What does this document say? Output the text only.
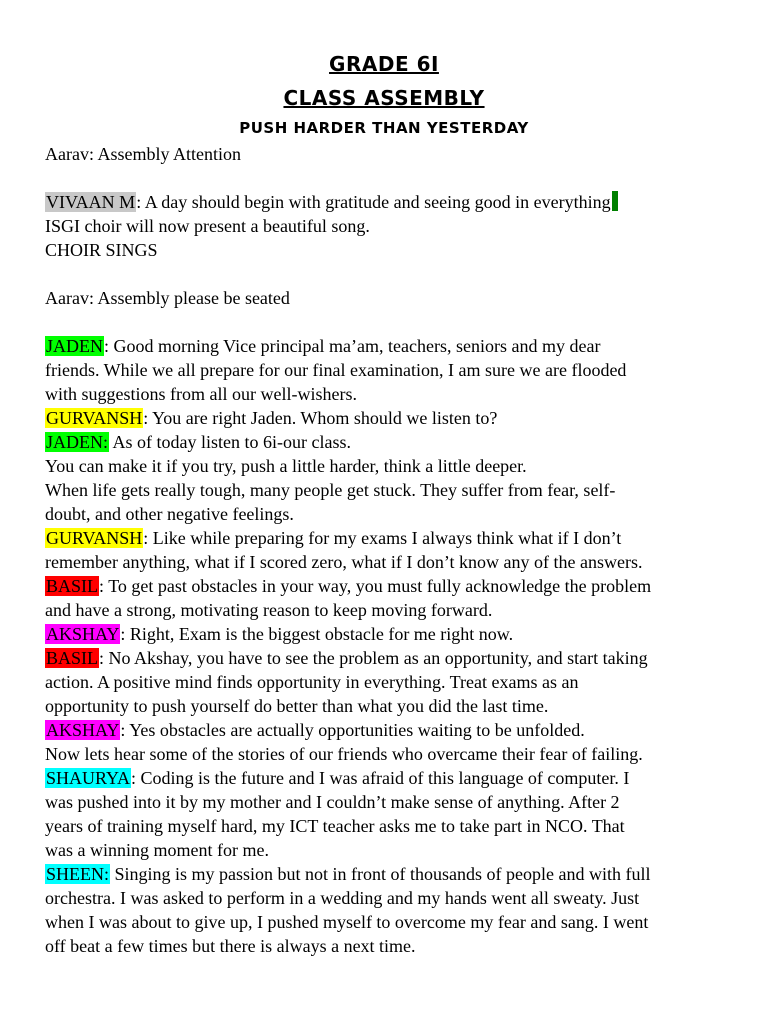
GRADE 6I
CLASS ASSEMBLY
PUSH HARDER THAN YESTERDAY
Aarav: Assembly Attention
VIVAAN M: A day should begin with gratitude and seeing good in everything
ISGI choir will now present a beautiful song.
CHOIR SINGS
Aarav: Assembly please be seated
JADEN: Good morning Vice principal ma’am, teachers, seniors and my dear
friends. While we all prepare for our final examination, I am sure we are flooded
with suggestions from all our well-wishers.
GURVANSH: You are right Jaden. Whom should we listen to?
JADEN: As of today listen to 6i-our class.
You can make it if you try, push a little harder, think a little deeper.
When life gets really tough, many people get stuck. They suffer from fear, self-
doubt, and other negative feelings.
GURVANSH: Like while preparing for my exams I always think what if I don’t
remember anything, what if I scored zero, what if I don’t know any of the answers.
BASIL: To get past obstacles in your way, you must fully acknowledge the problem
and have a strong, motivating reason to keep moving forward.
AKSHAY: Right, Exam is the biggest obstacle for me right now.
BASIL: No Akshay, you have to see the problem as an opportunity, and start taking
action. A positive mind finds opportunity in everything. Treat exams as an
opportunity to push yourself do better than what you did the last time.
AKSHAY: Yes obstacles are actually opportunities waiting to be unfolded.
Now lets hear some of the stories of our friends who overcame their fear of failing.
SHAURYA: Coding is the future and I was afraid of this language of computer. I
was pushed into it by my mother and I couldn’t make sense of anything. After 2
years of training myself hard, my ICT teacher asks me to take part in NCO. That
was a winning moment for me.
SHEEN: Singing is my passion but not in front of thousands of people and with full
orchestra. I was asked to perform in a wedding and my hands went all sweaty. Just
when I was about to give up, I pushed myself to overcome my fear and sang. I went
off beat a few times but there is always a next time.
